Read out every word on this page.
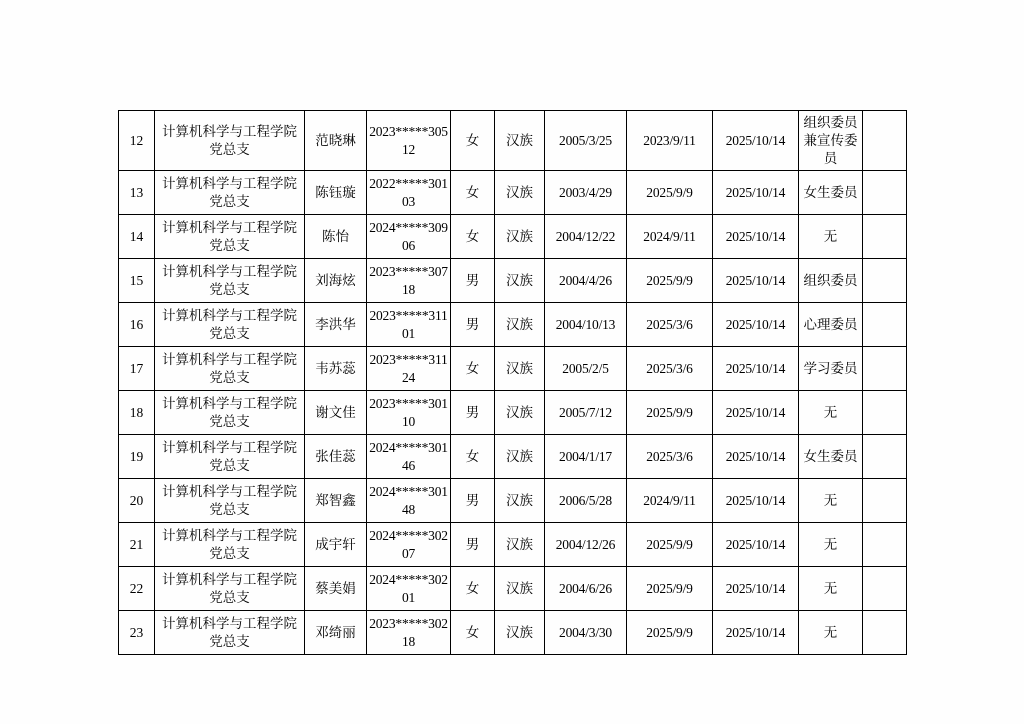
12	计算机科学与工程学院党总支	范晓琳	2023*****30512	女	汉族	2005/3/25	2023/9/11	2025/10/14	组织委员兼宣传委员	
13	计算机科学与工程学院党总支	陈钰璇	2022*****30103	女	汉族	2003/4/29	2025/9/9	2025/10/14	女生委员	
14	计算机科学与工程学院党总支	陈怡	2024*****30906	女	汉族	2004/12/22	2024/9/11	2025/10/14	无	
15	计算机科学与工程学院党总支	刘海炫	2023*****30718	男	汉族	2004/4/26	2025/9/9	2025/10/14	组织委员	
16	计算机科学与工程学院党总支	李洪华	2023*****31101	男	汉族	2004/10/13	2025/3/6	2025/10/14	心理委员	
17	计算机科学与工程学院党总支	韦苏蕊	2023*****31124	女	汉族	2005/2/5	2025/3/6	2025/10/14	学习委员	
18	计算机科学与工程学院党总支	谢文佳	2023*****30110	男	汉族	2005/7/12	2025/9/9	2025/10/14	无	
19	计算机科学与工程学院党总支	张佳蕊	2024*****30146	女	汉族	2004/1/17	2025/3/6	2025/10/14	女生委员	
20	计算机科学与工程学院党总支	郑智鑫	2024*****30148	男	汉族	2006/5/28	2024/9/11	2025/10/14	无	
21	计算机科学与工程学院党总支	成宇轩	2024*****30207	男	汉族	2004/12/26	2025/9/9	2025/10/14	无	
22	计算机科学与工程学院党总支	蔡美娟	2024*****30201	女	汉族	2004/6/26	2025/9/9	2025/10/14	无	
23	计算机科学与工程学院党总支	邓绮丽	2023*****30218	女	汉族	2004/3/30	2025/9/9	2025/10/14	无	
